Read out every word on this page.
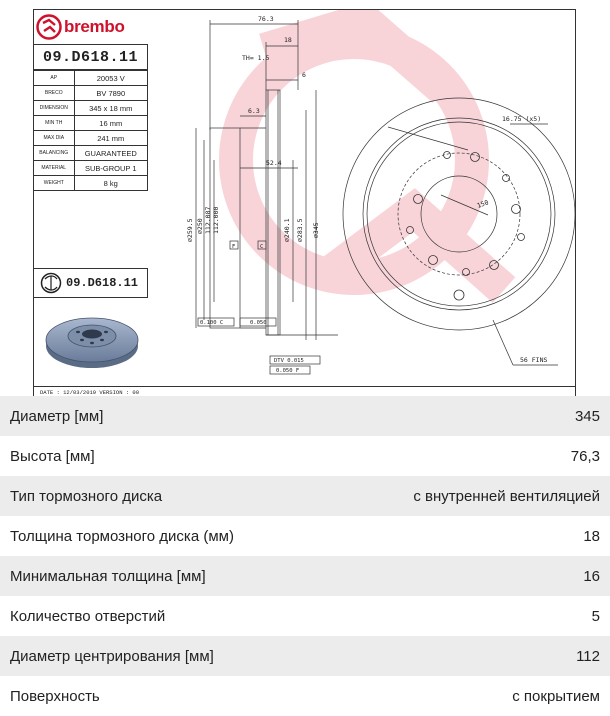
brembo
09.D618.11
AP	20053 V
BRECO	BV 7890
DIMENSION	345 x 18 mm
MIN TH	16 mm
MAX DIA	241 mm
BALANCING	GUARANTEED
MATERIAL	SUB-GROUP 1
WEIGHT	8 kg
09.D618.11
76.3
18
TH= 1.5
6
6.3
52.4
16.75 (x5)
150
56 FINS
∅259.5 ∅250 112.087 112.000	∅240.1 ∅283.5 ∅345
0.100 C	0.050
DTV 0.015
0.050 F
F	C
DATE : 12/03/2019 VERSION : 00
Диаметр [мм]	345
Высота [мм]	76,3
Тип тормозного диска	с внутренней вентиляцией
Толщина тормозного диска (мм)	18
Минимальная толщина [мм]	16
Количество отверстий	5
Диаметр центрирования [мм]	112
Поверхность	с покрытием
